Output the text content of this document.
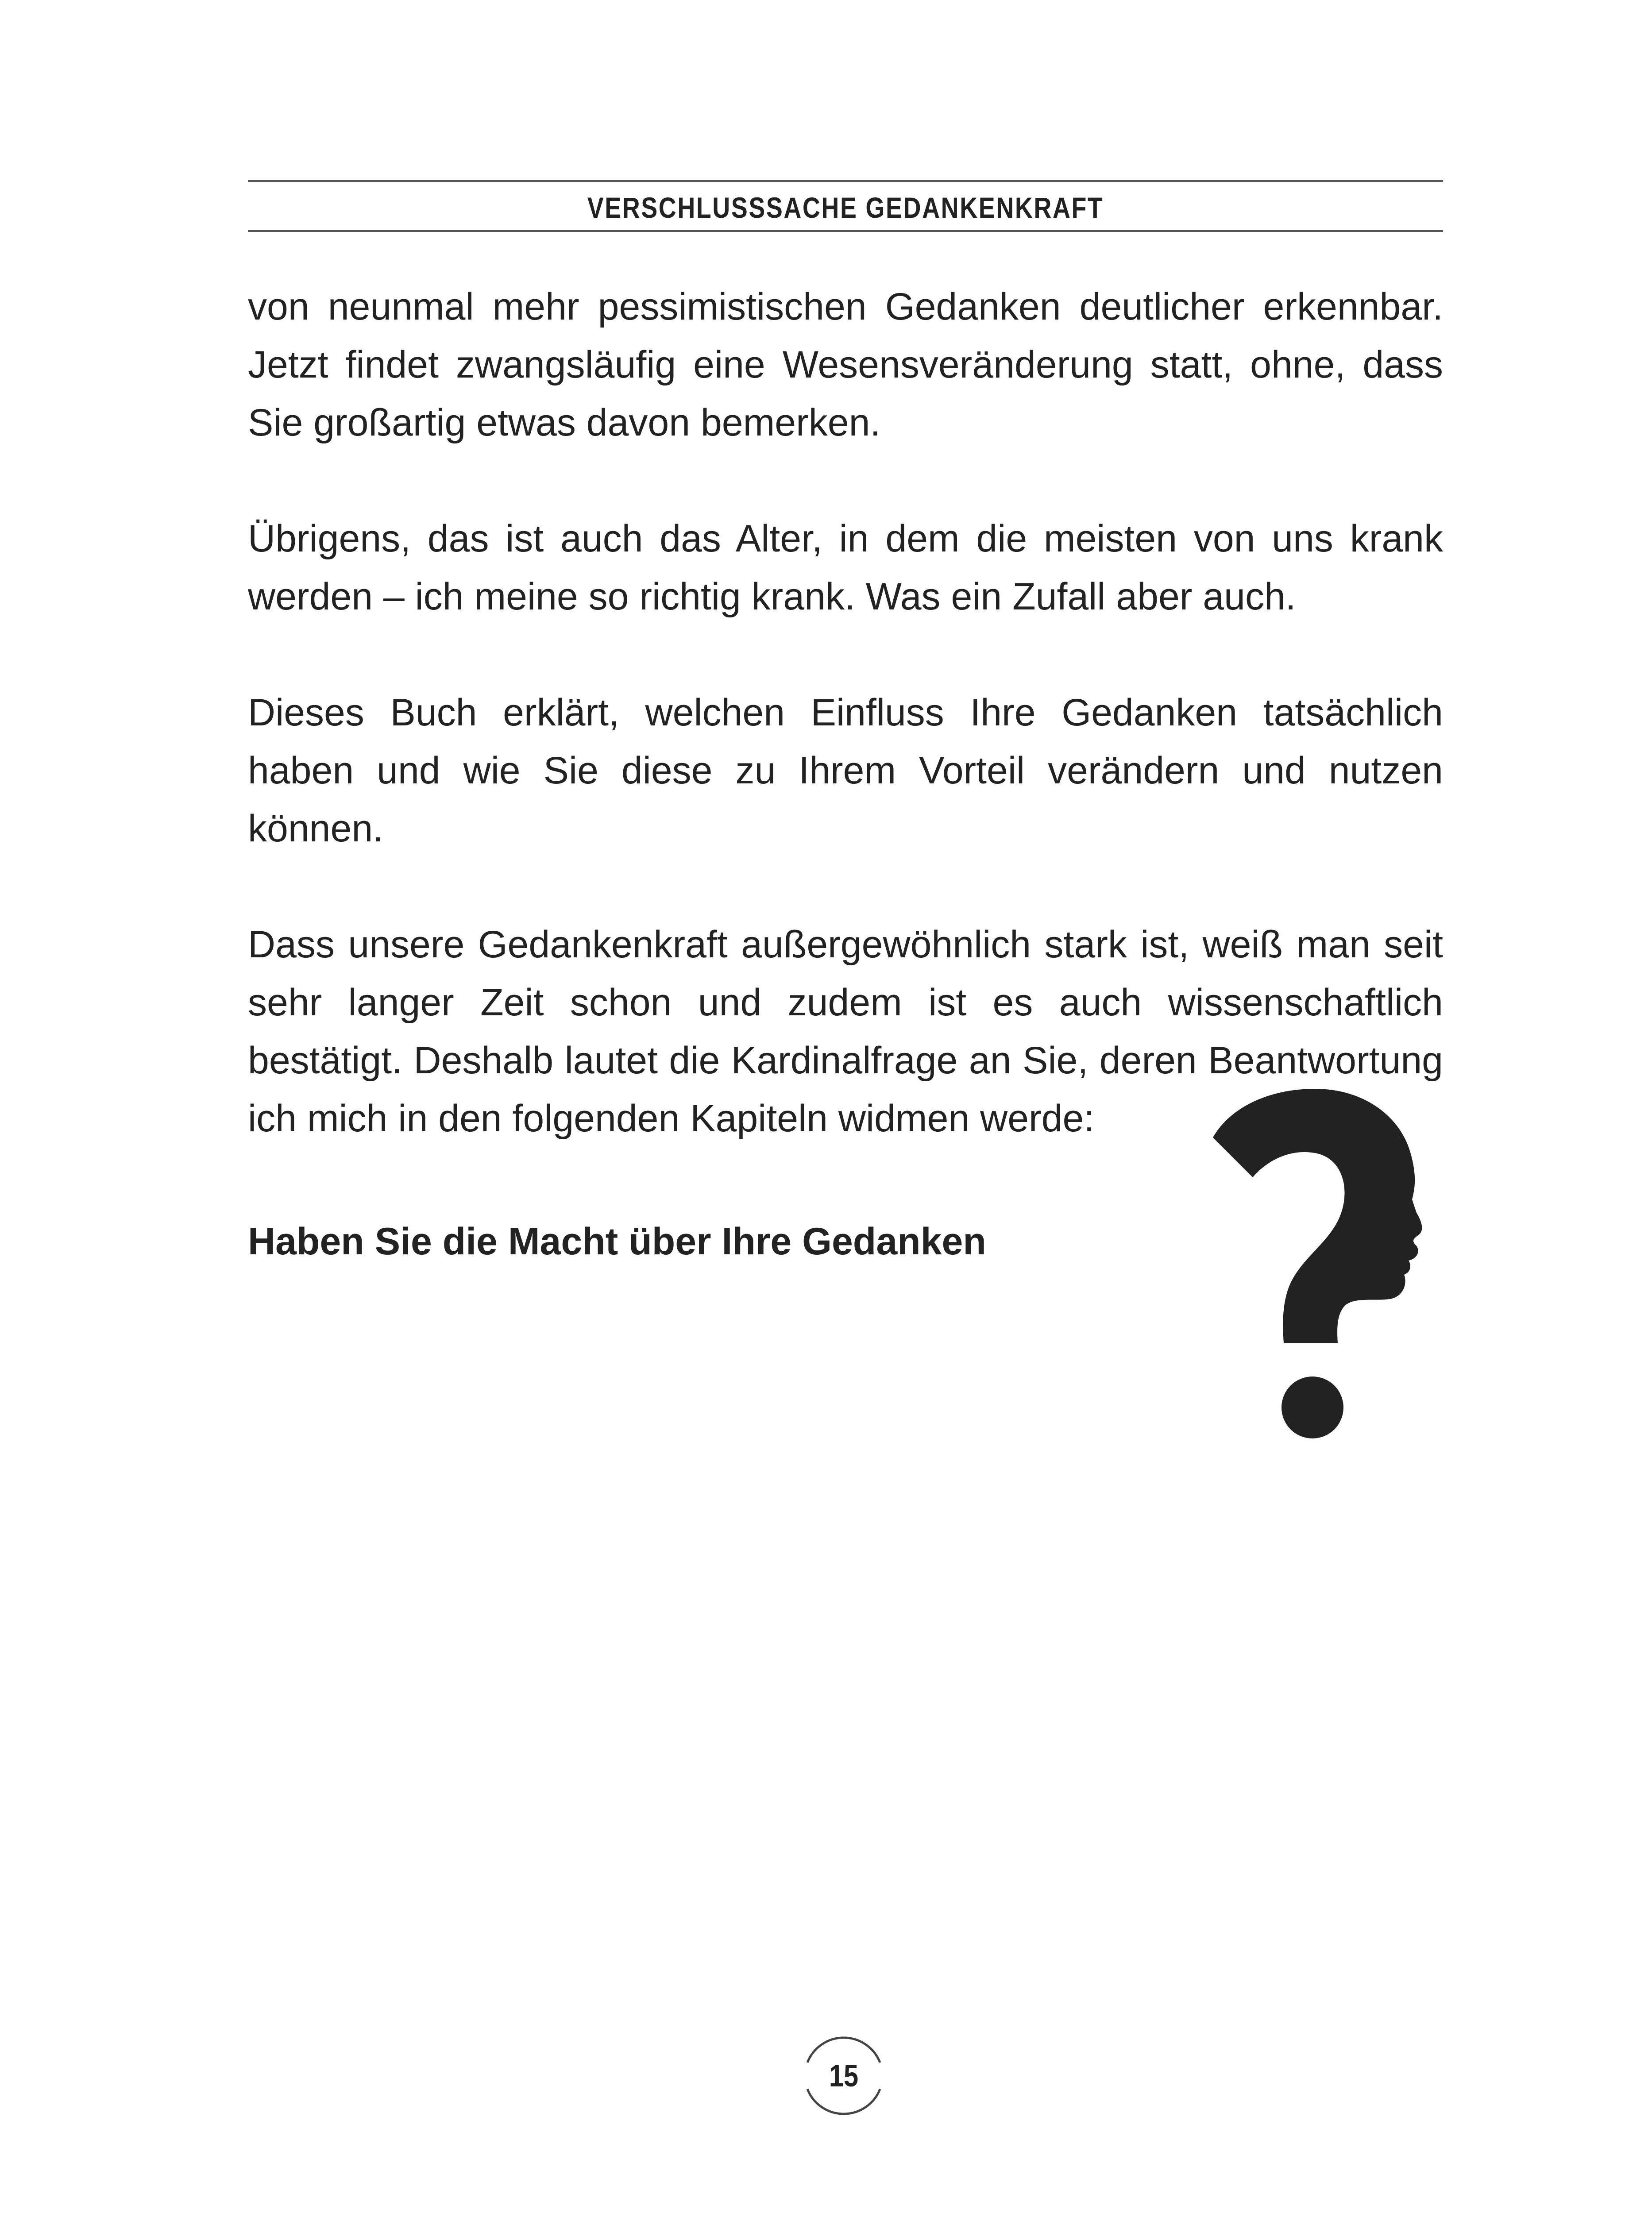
VERSCHLUSSSACHE GEDANKENKRAFT

von neunmal mehr pessimistischen Gedanken deutlicher erkennbar. Jetzt findet zwangsläufig eine Wesensveränderung statt, ohne, dass Sie großartig etwas davon bemerken.

Übrigens, das ist auch das Alter, in dem die meisten von uns krank werden – ich meine so richtig krank. Was ein Zufall aber auch.

Dieses Buch erklärt, welchen Einfluss Ihre Gedanken tatsächlich haben und wie Sie diese zu Ihrem Vorteil verändern und nutzen können.

Dass unsere Gedankenkraft außergewöhnlich stark ist, weiß man seit sehr langer Zeit schon und zudem ist es auch wissenschaftlich bestätigt. Deshalb lautet die Kardinalfrage an Sie, deren Beantwortung ich mich in den folgenden Kapiteln widmen werde:

Haben Sie die Macht über Ihre Gedanken
15
